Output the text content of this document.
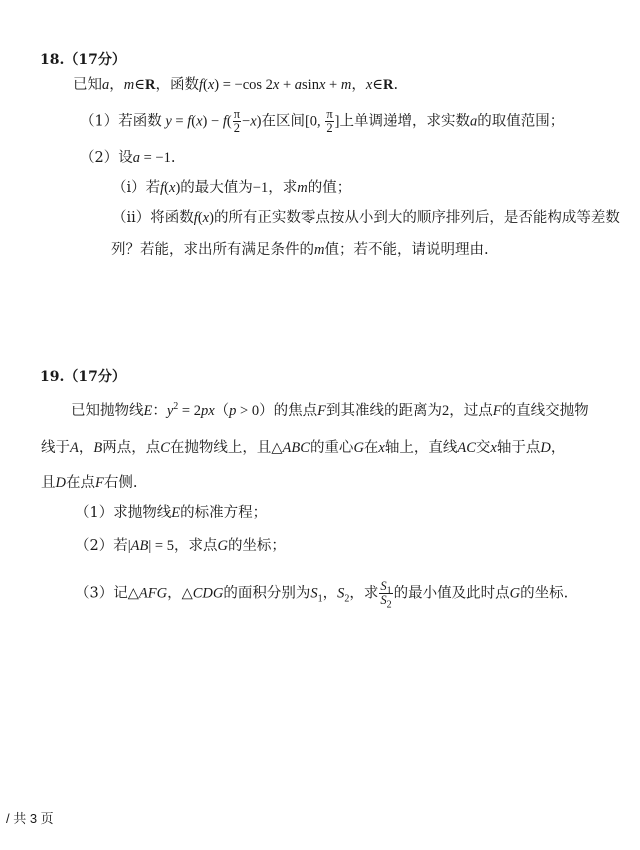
18.（17分）
已知a，m∈R，函数f(x) = −cos 2x + asinx + m，x∈R.
（1）若函数 $y = f(x) - f( \frac{\pi}{2} -x)$在区间[0, $\frac{\pi}{2}$ ]上单调递增，求实数a的取值范围；
（2）设a = −1.
（i）若f(x)的最大值为−1，求m的值；
（ii）将函数f(x)的所有正实数零点按从小到大的顺序排列后，是否能构成等差数
列？若能，求出所有满足条件的m值；若不能，请说明理由.
19.（17分）
已知抛物线E：$y^2 = 2px(p > 0)$的焦点F到其准线的距离为2，过点F的直线交抛物
线于A，B两点，点C在抛物线上，且△ABC的重心G在x轴上，直线AC交x轴于点D，
且D在点F右侧.
（1）求抛物线E的标准方程；
（2）若|AB| = 5，求点G的坐标；
（3）记△AFG，△CDG的面积分别为$S_1$，$S_2$，求 $\frac{S_1}{S_2}$ 的最小值及此时点G的坐标.
/ 共 3 页
